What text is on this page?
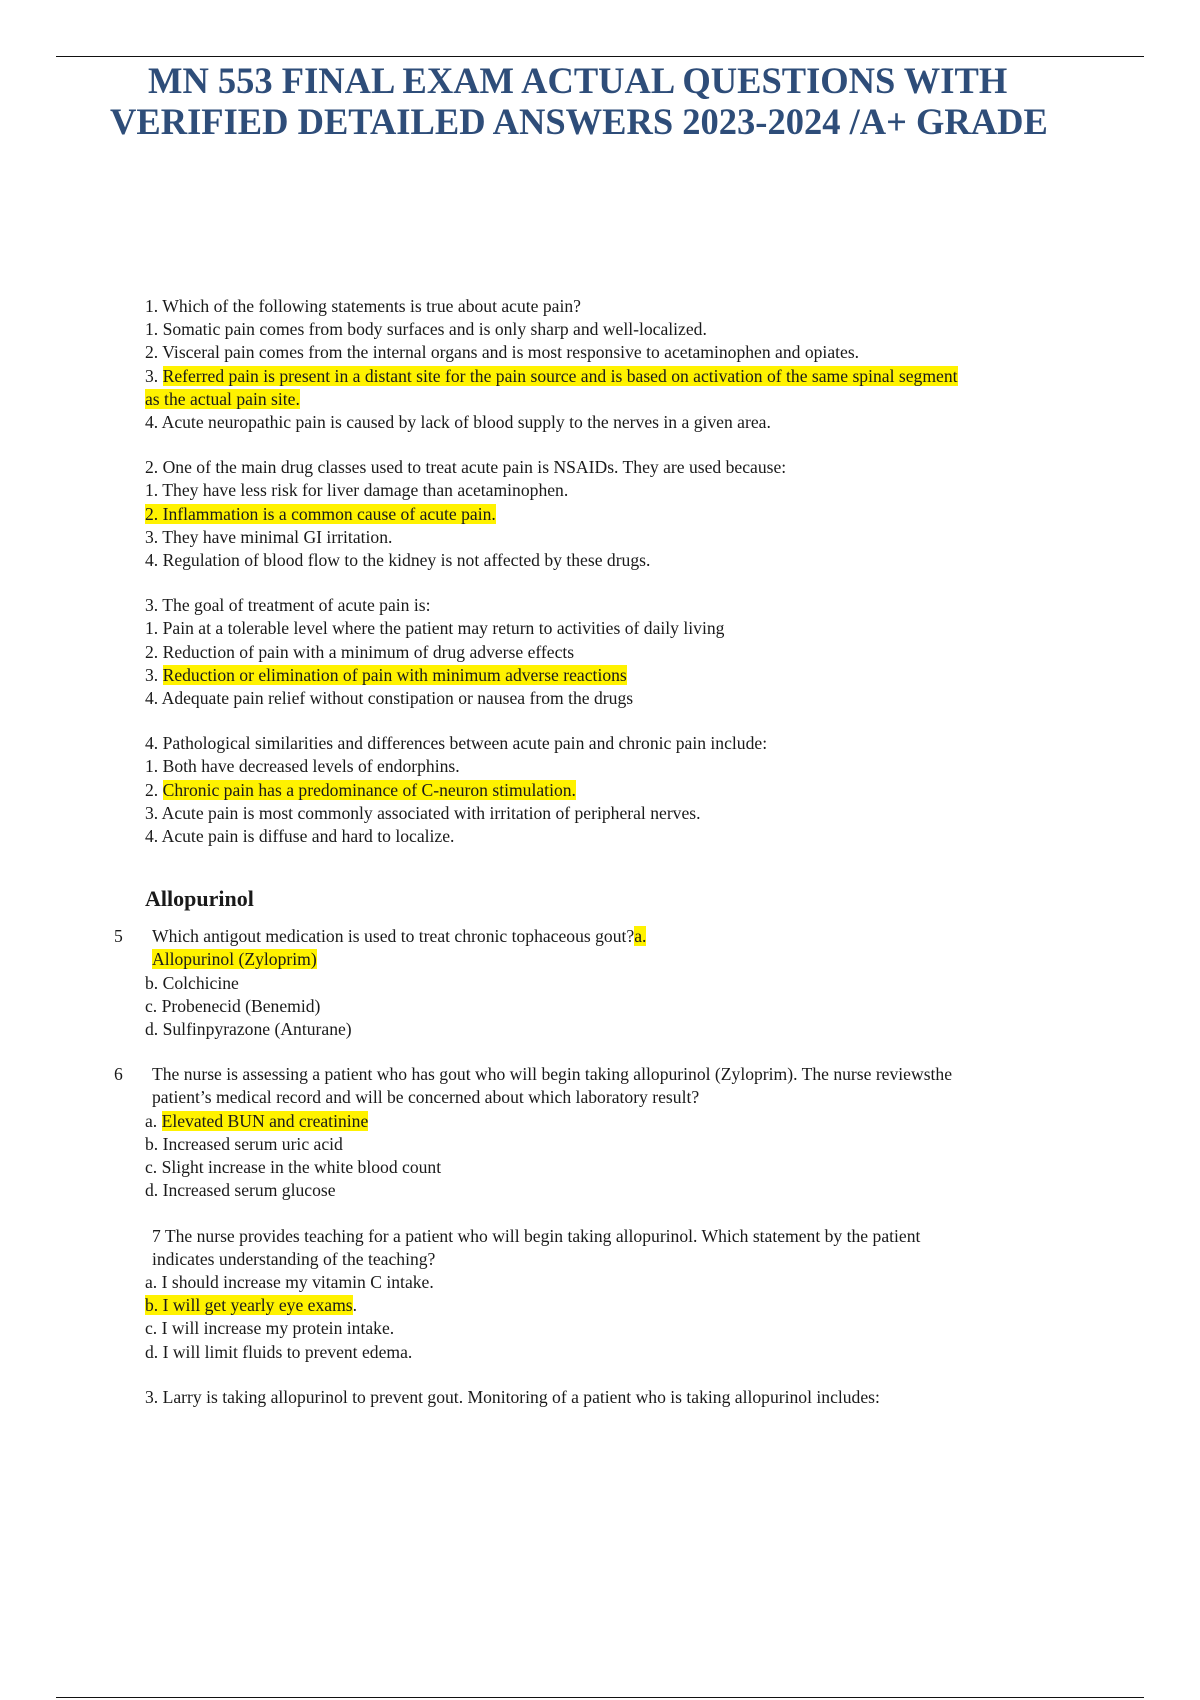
MN 553 FINAL EXAM ACTUAL QUESTIONS WITH
VERIFIED DETAILED ANSWERS 2023-2024 /A+ GRADE
1. Which of the following statements is true about acute pain?
1. Somatic pain comes from body surfaces and is only sharp and well-localized.
2. Visceral pain comes from the internal organs and is most responsive to acetaminophen and opiates.
3. Referred pain is present in a distant site for the pain source and is based on activation of the same spinal segment
as the actual pain site.
4. Acute neuropathic pain is caused by lack of blood supply to the nerves in a given area.
2. One of the main drug classes used to treat acute pain is NSAIDs. They are used because:
1. They have less risk for liver damage than acetaminophen.
2. Inflammation is a common cause of acute pain.
3. They have minimal GI irritation.
4. Regulation of blood flow to the kidney is not affected by these drugs.
3. The goal of treatment of acute pain is:
1. Pain at a tolerable level where the patient may return to activities of daily living
2. Reduction of pain with a minimum of drug adverse effects
3. Reduction or elimination of pain with minimum adverse reactions
4. Adequate pain relief without constipation or nausea from the drugs
4. Pathological similarities and differences between acute pain and chronic pain include:
1. Both have decreased levels of endorphins.
2. Chronic pain has a predominance of C-neuron stimulation.
3. Acute pain is most commonly associated with irritation of peripheral nerves.
4. Acute pain is diffuse and hard to localize.
Allopurinol
5	Which antigout medication is used to treat chronic tophaceous gout?a.
Allopurinol (Zyloprim)
b. Colchicine
c. Probenecid (Benemid)
d. Sulfinpyrazone (Anturane)
6	The nurse is assessing a patient who has gout who will begin taking allopurinol (Zyloprim). The nurse reviewsthe
patient’s medical record and will be concerned about which laboratory result?
a. Elevated BUN and creatinine
b. Increased serum uric acid
c. Slight increase in the white blood count
d. Increased serum glucose
7 The nurse provides teaching for a patient who will begin taking allopurinol. Which statement by the patient
indicates understanding of the teaching?
a. I should increase my vitamin C intake.
b. I will get yearly eye exams.
c. I will increase my protein intake.
d. I will limit fluids to prevent edema.
3. Larry is taking allopurinol to prevent gout. Monitoring of a patient who is taking allopurinol includes:
